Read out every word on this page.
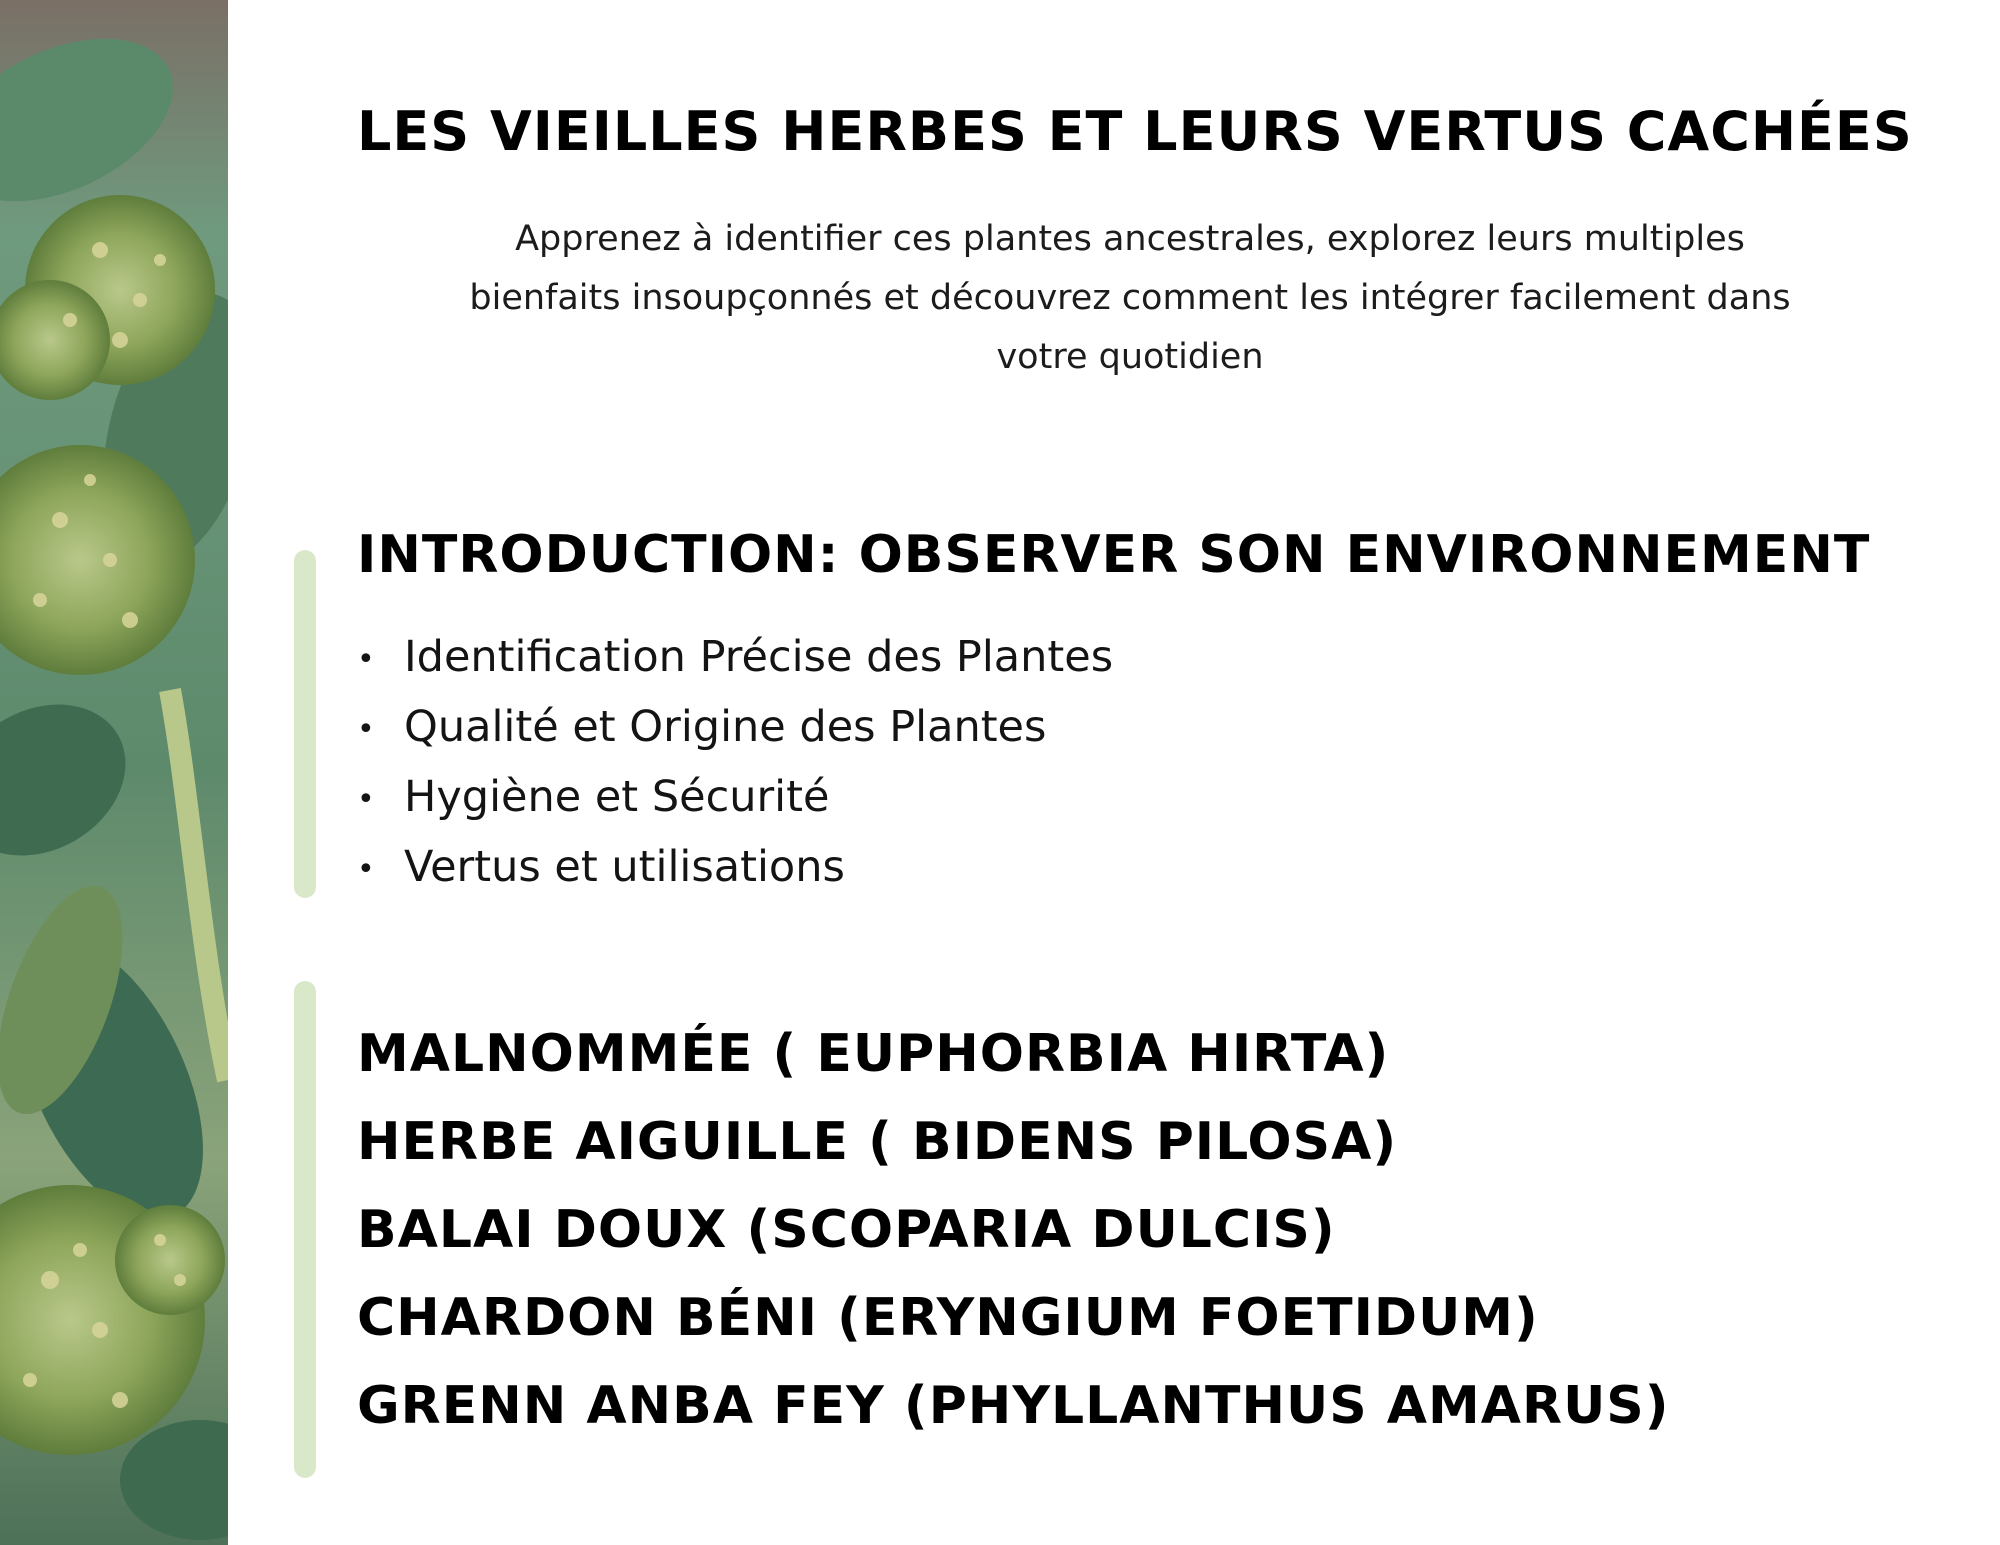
LES VIEILLES HERBES ET LEURS VERTUS CACHÉES
Apprenez à identifier ces plantes ancestrales, explorez leurs multiples
bienfaits insoupçonnés et découvrez comment les intégrer facilement dans
votre quotidien
INTRODUCTION: OBSERVER SON ENVIRONNEMENT
• Identification Précise des Plantes
• Qualité et Origine des Plantes
• Hygiène et Sécurité
• Vertus et utilisations
MALNOMMÉE ( EUPHORBIA HIRTA)
HERBE AIGUILLE ( BIDENS PILOSA)
BALAI DOUX (SCOPARIA DULCIS)
CHARDON BÉNI (ERYNGIUM FOETIDUM)
GRENN ANBA FEY (PHYLLANTHUS AMARUS)
